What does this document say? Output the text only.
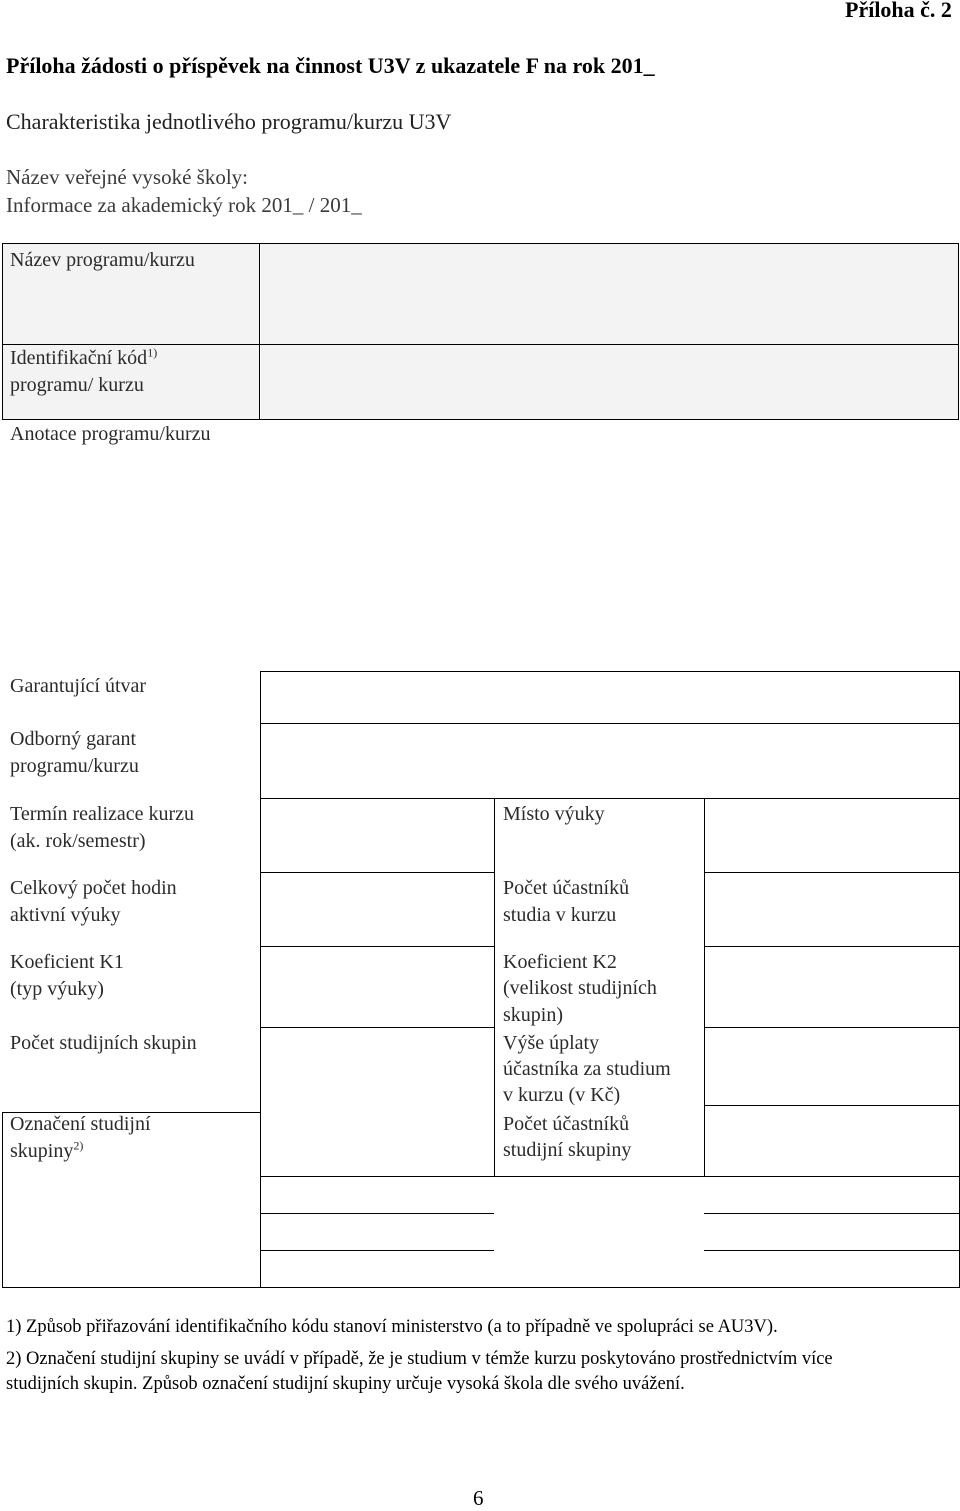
Příloha č. 2
Příloha žádosti o příspěvek na činnost U3V z ukazatele F na rok 201_
Charakteristika jednotlivého programu/kurzu U3V
Název veřejné vysoké školy:
Informace za akademický rok 201_ / 201_
Název programu/kurzu
Identifikační kód$^{1)}$
programu/ kurzu
Anotace programu/kurzu
Garantující útvar
Odborný garant
programu/kurzu
Termín realizace kurzu
(ak. rok/semestr)
Celkový počet hodin
aktivní výuky
Koeficient K1
(typ výuky)
Počet studijních skupin
Označení studijní
skupiny$^{2)}$
Místo výuky
Počet účastníků
studia v kurzu
Koeficient K2
(velikost studijních
skupin)
Výše úplaty
účastníka za studium
v kurzu (v Kč)
Počet účastníků
studijní skupiny
1) Způsob přiřazování identifikačního kódu stanoví ministerstvo (a to případně ve spolupráci se AU3V).
2) Označení studijní skupiny se uvádí v případě, že je studium v témže kurzu poskytováno prostřednictvím více
studijních skupin. Způsob označení studijní skupiny určuje vysoká škola dle svého uvážení.
6
